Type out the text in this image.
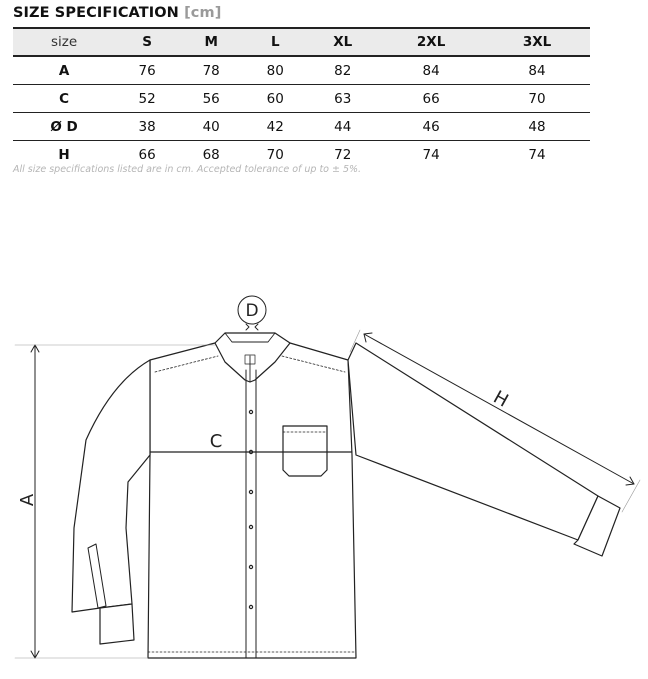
SIZE SPECIFICATION [cm]
size	S	M	L	XL	2XL	3XL
A	76	78	80	82	84	84
C	52	56	60	63	66	70
Ø D	38	40	42	44	46	48
H	66	68	70	72	74	74
All size specifications listed are in cm. Accepted tolerance of up to ± 5%.
A
C
D
H
